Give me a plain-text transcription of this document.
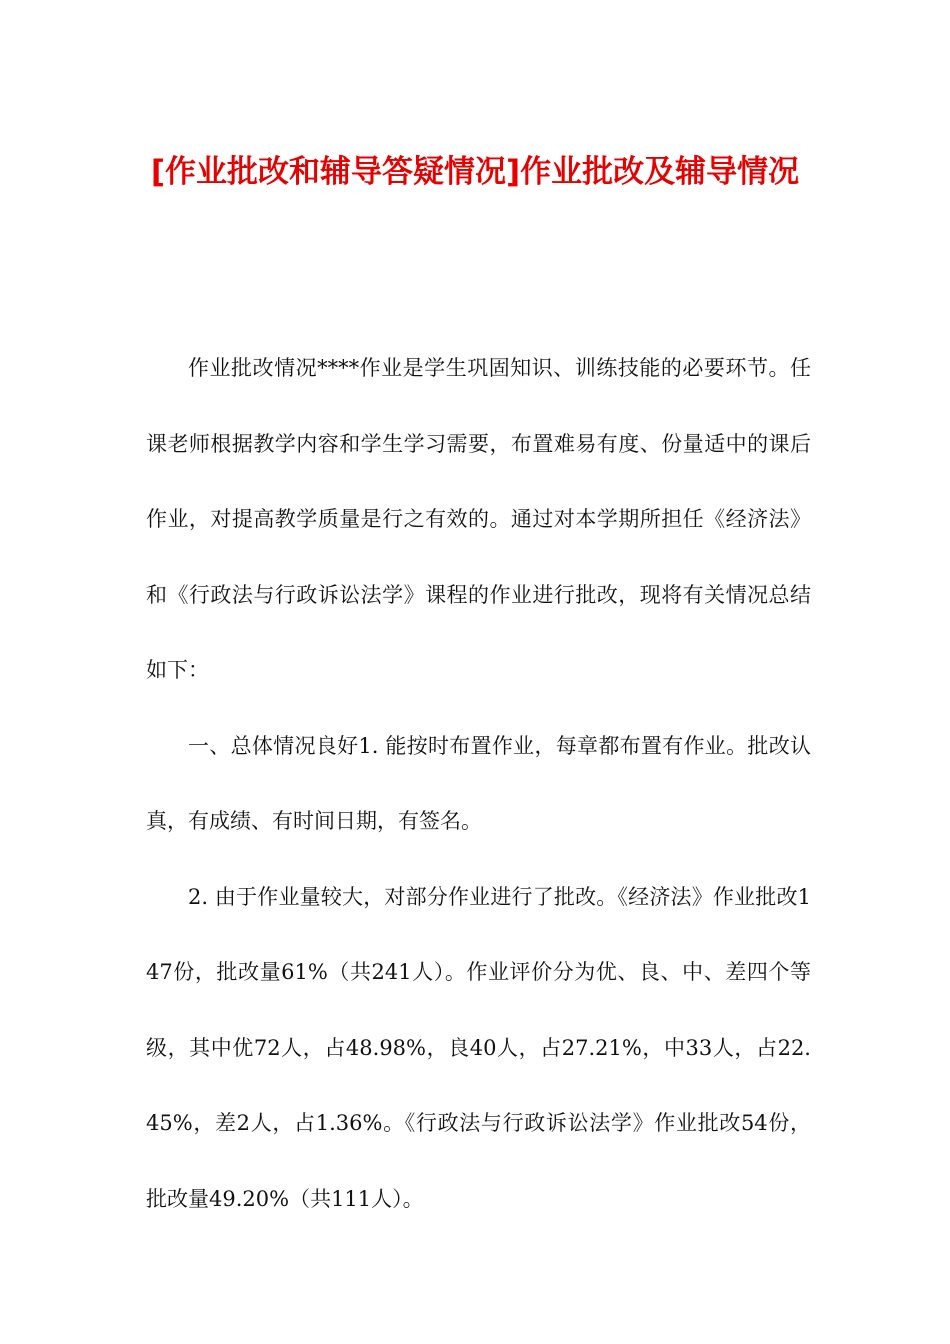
[作业批改和辅导答疑情况]作业批改及辅导情况

作业批改情况****作业是学生巩固知识、训练技能的必要环节。任课老师根据教学内容和学生学习需要，布置难易有度、份量适中的课后作业，对提高教学质量是行之有效的。通过对本学期所担任《经济法》和《行政法与行政诉讼法学》课程的作业进行批改，现将有关情况总结如下：

一、总体情况良好1. 能按时布置作业，每章都布置有作业。批改认真，有成绩、有时间日期，有签名。

2. 由于作业量较大，对部分作业进行了批改。《经济法》作业批改147份，批改量61%（共241人）。作业评价分为优、良、中、差四个等级，其中优72人，占48.98%，良40人，占27.21%，中33人，占22.45%，差2人，占1.36%。《行政法与行政诉讼法学》作业批改54份，批改量49.20%（共111人）。
